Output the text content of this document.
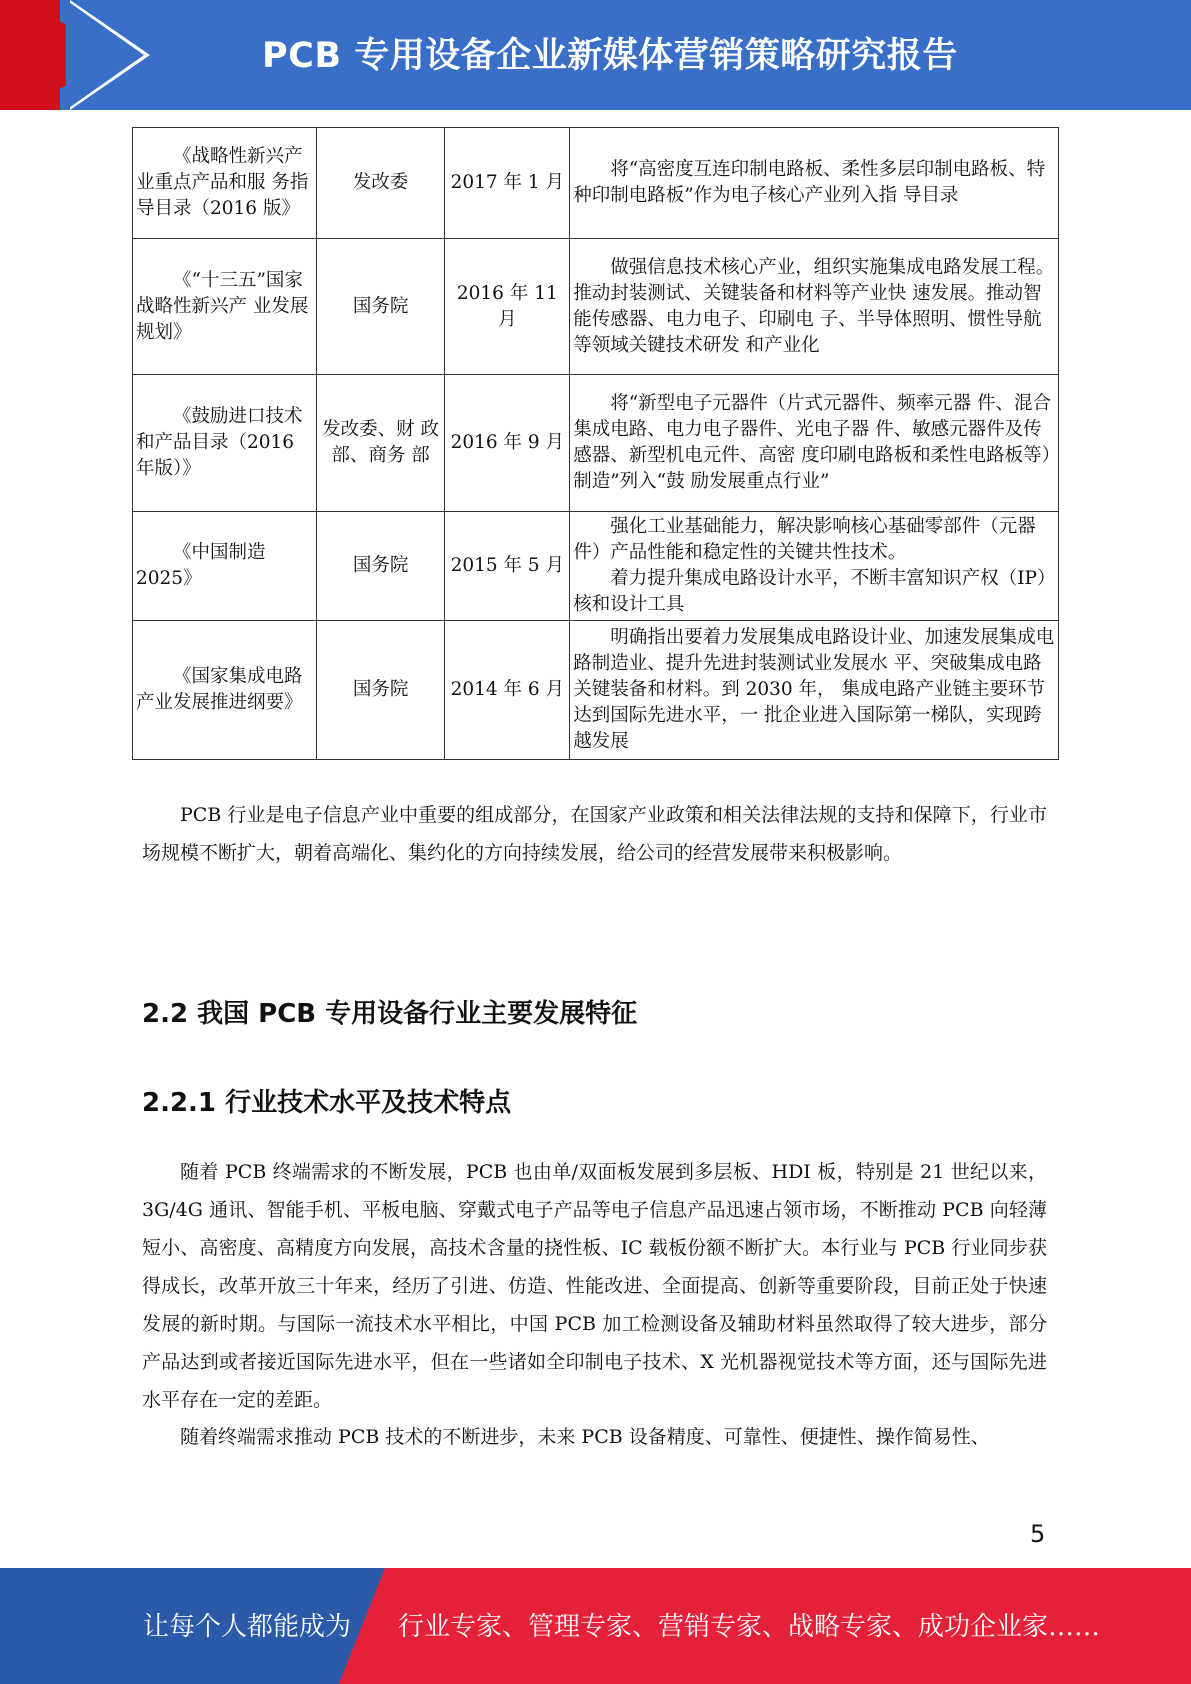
PCB 专用设备企业新媒体营销策略研究报告
《战略性新兴产业重点产品和服 务指导目录（2016 版》	发改委	2017 年 1 月	将“高密度互连印制电路板、柔性多层印制电路板、特种印制电路板”作为电子核心产业列入指 导目录

《“十三五”国家战略性新兴产 业发展规划》	国务院	2016 年 11 月	做强信息技术核心产业，组织实施集成电路发展工程。推动封装测试、关键装备和材料等产业快 速发展。推动智能传感器、电力电子、印刷电 子、半导体照明、惯性导航等领域关键技术研发 和产业化

《鼓励进口技术和产品目录（2016 年版）》	发改委、财 政部、商务 部	2016 年 9 月	将“新型电子元器件（片式元器件、频率元器 件、混合集成电路、电力电子器件、光电子器 件、敏感元器件及传感器、新型机电元件、高密 度印刷电路板和柔性电路板等）制造”列入“鼓 励发展重点行业”

《中国制造 2025》	国务院	2015 年 5 月	强化工业基础能力，解决影响核心基础零部件（元器件）产品性能和稳定性的关键共性技术。

着力提升集成电路设计水平，不断丰富知识产权（IP）核和设计工具

《国家集成电路产业发展推进纲要》	国务院	2014 年 6 月	明确指出要着力发展集成电路设计业、加速发展集成电路制造业、提升先进封装测试业发展水 平、突破集成电路关键装备和材料。到 2030 年， 集成电路产业链主要环节达到国际先进水平，一 批企业进入国际第一梯队，实现跨越发展

PCB 行业是电子信息产业中重要的组成部分，在国家产业政策和相关法律法规的支持和保障下，行业市场规模不断扩大，朝着高端化、集约化的方向持续发展，给公司的经营发展带来积极影响。

2.2 我国 PCB 专用设备行业主要发展特征
2.2.1 行业技术水平及技术特点

随着 PCB 终端需求的不断发展，PCB 也由单/双面板发展到多层板、HDI 板，特别是 21 世纪以来，3G/4G 通讯、智能手机、平板电脑、穿戴式电子产品等电子信息产品迅速占领市场，不断推动 PCB 向轻薄短小、高密度、高精度方向发展，高技术含量的挠性板、IC 载板份额不断扩大。本行业与 PCB 行业同步获得成长，改革开放三十年来，经历了引进、仿造、性能改进、全面提高、创新等重要阶段，目前正处于快速发展的新时期。与国际一流技术水平相比，中国 PCB 加工检测设备及辅助材料虽然取得了较大进步，部分产品达到或者接近国际先进水平，但在一些诸如全印制电子技术、X 光机器视觉技术等方面，还与国际先进水平存在一定的差距。

随着终端需求推动 PCB 技术的不断进步，未来 PCB 设备精度、可靠性、便捷性、操作简易性、

5
让每个人都能成为 行业专家、管理专家、营销专家、战略专家、成功企业家……
